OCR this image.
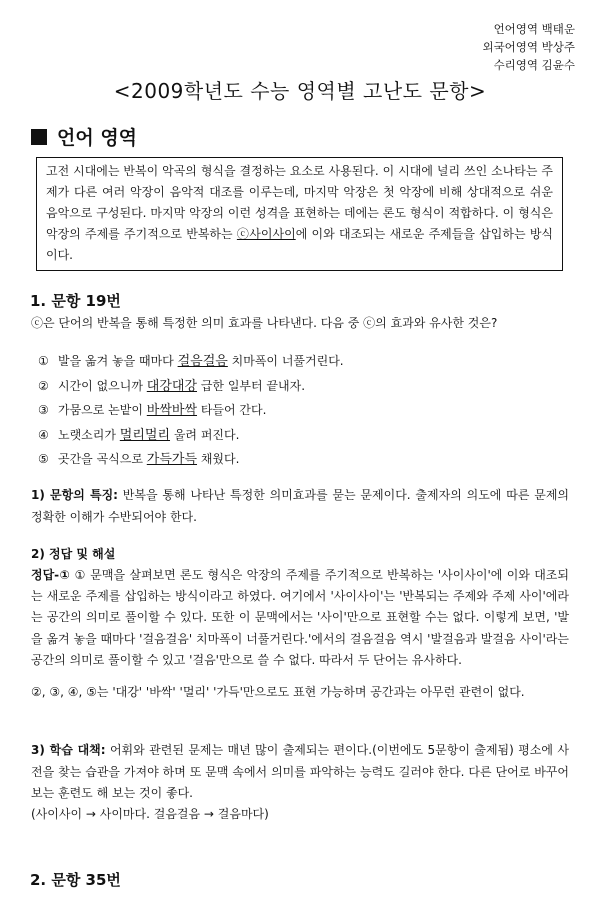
언어영역 백태운
외국어영역 박상주
수리영역 김윤수
<2009학년도 수능 영역별 고난도 문항>
언어 영역
고전 시대에는 반복이 악곡의 형식을 결정하는 요소로 사용된다. 이 시대에 널리 쓰인 소나타는 주제가 다른 여러 악장이 음악적 대조를 이루는데, 마지막 악장은 첫 악장에 비해 상대적으로 쉬운 음악으로 구성된다. 마지막 악장의 이런 성격을 표현하는 데에는 론도 형식이 적합하다. 이 형식은 악장의 주제를 주기적으로 반복하는 ⓒ사이사이에 이와 대조되는 새로운 주제들을 삽입하는 방식이다.
1. 문항 19번
ⓒ은 단어의 반복을 통해 특정한 의미 효과를 나타낸다. 다음 중 ⓒ의 효과와 유사한 것은?
① 발을 옮겨 놓을 때마다 걸음걸음 치마폭이 너풀거린다.
② 시간이 없으니까 대강대강 급한 일부터 끝내자.
③ 가뭄으로 논밭이 바싹바싹 타들어 간다.
④ 노랫소리가 멀리멀리 울려 퍼진다.
⑤ 곳간을 곡식으로 가득가득 채웠다.
1) 문항의 특징: 반복을 통해 나타난 특정한 의미효과를 묻는 문제이다. 출제자의 의도에 따른 문제의 정확한 이해가 수반되어야 한다.
2) 정답 및 해설
정답-① ① 문맥을 살펴보면 론도 형식은 악장의 주제를 주기적으로 반복하는 '사이사이'에 이와 대조되는 새로운 주제를 삽입하는 방식이라고 하였다. 여기에서 '사이사이'는 '반복되는 주제와 주제 사이'에라는 공간의 의미로 풀이할 수 있다. 또한 이 문맥에서는 '사이'만으로 표현할 수는 없다. 이렇게 보면, '발을 옮겨 놓을 때마다 '걸음걸음' 치마폭이 너풀거린다.'에서의 걸음걸음 역시 '발걸음과 발걸음 사이'라는 공간의 의미로 풀이할 수 있고 '걸음'만으로 쓸 수 없다. 따라서 두 단어는 유사하다.
②, ③, ④, ⑤는 '대강' '바싹' '멀리' '가득'만으로도 표현 가능하며 공간과는 아무런 관련이 없다.
3) 학습 대책: 어휘와 관련된 문제는 매년 많이 출제되는 편이다.(이번에도 5문항이 출제됨) 평소에 사전을 찾는 습관을 가져야 하며 또 문맥 속에서 의미를 파악하는 능력도 길러야 한다. 다른 단어로 바꾸어보는 훈련도 해 보는 것이 좋다.
(사이사이 → 사이마다. 걸음걸음 → 걸음마다)
2. 문항 35번
